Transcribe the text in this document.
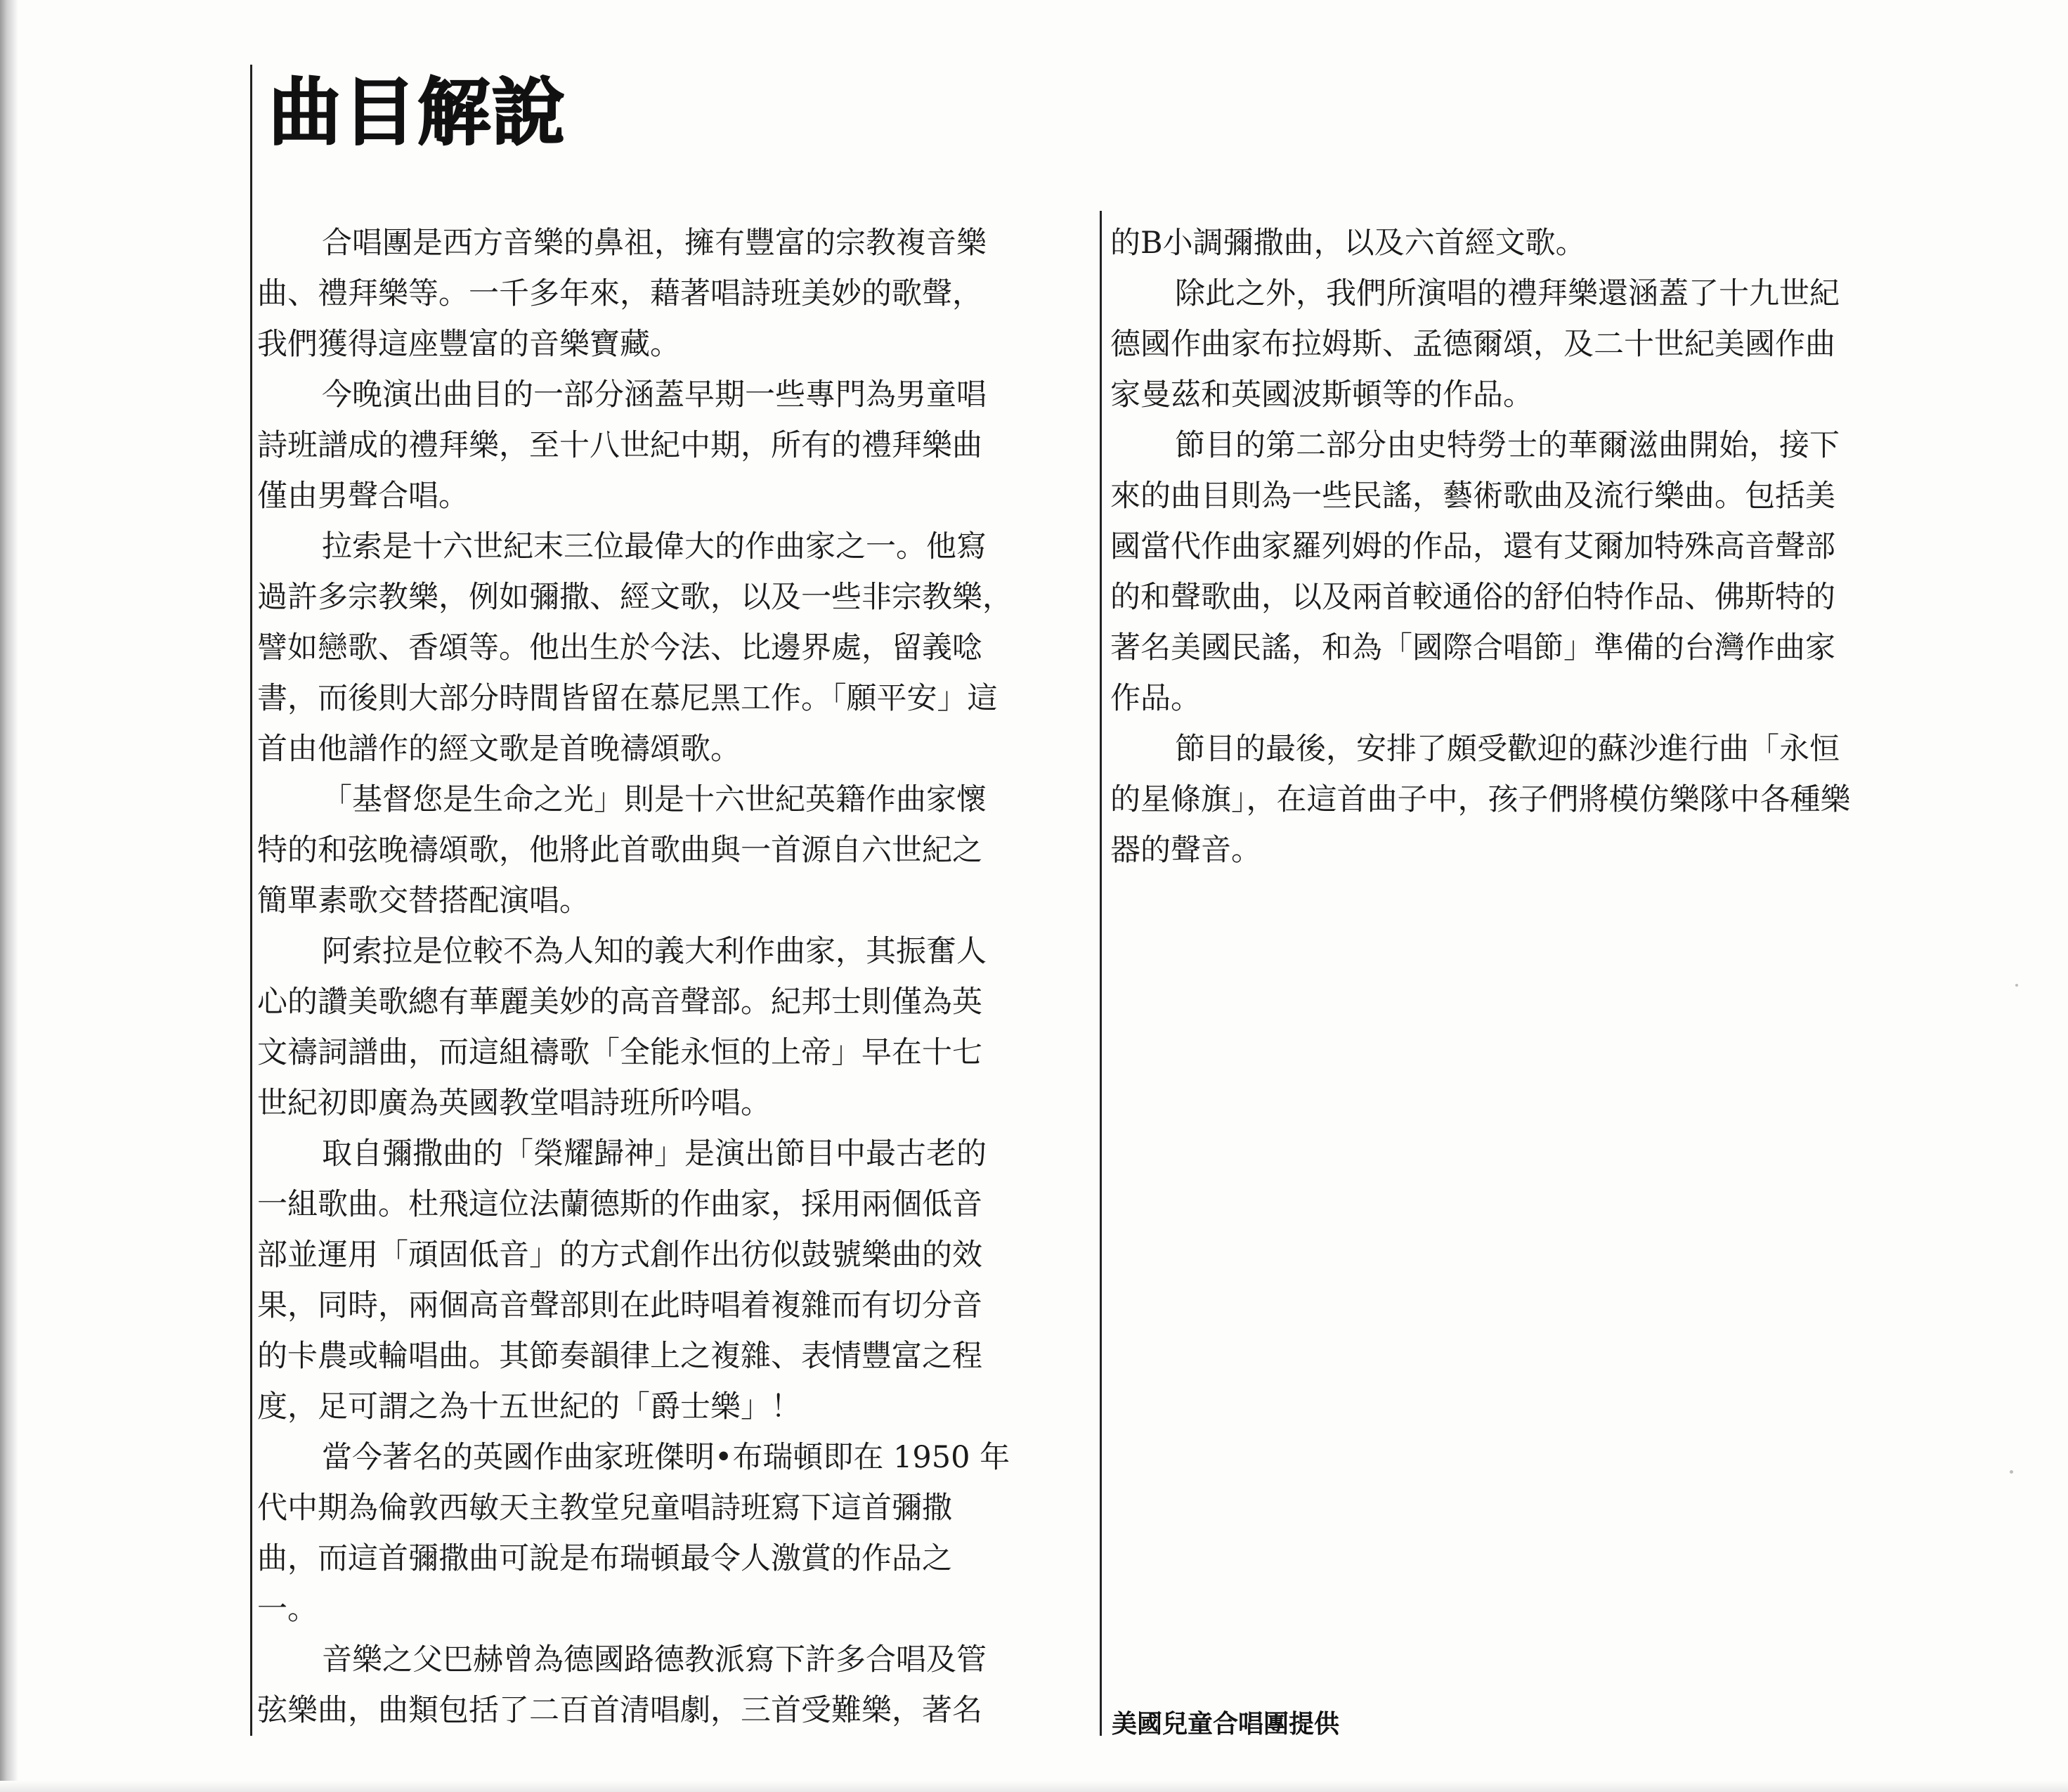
曲目解說
合唱團是西方音樂的鼻祖，擁有豐富的宗教複音樂
曲、禮拜樂等。一千多年來，藉著唱詩班美妙的歌聲，
我們獲得這座豐富的音樂寶藏。
今晚演出曲目的一部分涵蓋早期一些專門為男童唱
詩班譜成的禮拜樂，至十八世紀中期，所有的禮拜樂曲
僅由男聲合唱。
拉索是十六世紀末三位最偉大的作曲家之一。他寫
過許多宗教樂，例如彌撒、經文歌，以及一些非宗教樂，
譬如戀歌、香頌等。他出生於今法、比邊界處，留義唸
書，而後則大部分時間皆留在慕尼黑工作。「願平安」這
首由他譜作的經文歌是首晚禱頌歌。
「基督您是生命之光」則是十六世紀英籍作曲家懷
特的和弦晚禱頌歌，他將此首歌曲與一首源自六世紀之
簡單素歌交替搭配演唱。
阿索拉是位較不為人知的義大利作曲家，其振奮人
心的讚美歌總有華麗美妙的高音聲部。紀邦士則僅為英
文禱詞譜曲，而這組禱歌「全能永恒的上帝」早在十七
世紀初即廣為英國教堂唱詩班所吟唱。
取自彌撒曲的「榮耀歸神」是演出節目中最古老的
一組歌曲。杜飛這位法蘭德斯的作曲家，採用兩個低音
部並運用「頑固低音」的方式創作出彷似鼓號樂曲的效
果，同時，兩個高音聲部則在此時唱着複雜而有切分音
的卡農或輪唱曲。其節奏韻律上之複雜、表情豐富之程
度，足可謂之為十五世紀的「爵士樂」！
當今著名的英國作曲家班傑明•布瑞頓即在 1950 年
代中期為倫敦西敏天主教堂兒童唱詩班寫下這首彌撒
曲，而這首彌撒曲可說是布瑞頓最令人激賞的作品之
一。
音樂之父巴赫曾為德國路德教派寫下許多合唱及管
弦樂曲，曲類包括了二百首清唱劇，三首受難樂，著名
的B小調彌撒曲，以及六首經文歌。
除此之外，我們所演唱的禮拜樂還涵蓋了十九世紀
德國作曲家布拉姆斯、孟德爾頌，及二十世紀美國作曲
家曼茲和英國波斯頓等的作品。
節目的第二部分由史特勞士的華爾滋曲開始，接下
來的曲目則為一些民謠，藝術歌曲及流行樂曲。包括美
國當代作曲家羅列姆的作品，還有艾爾加特殊高音聲部
的和聲歌曲，以及兩首較通俗的舒伯特作品、佛斯特的
著名美國民謠，和為「國際合唱節」準備的台灣作曲家
作品。
節目的最後，安排了頗受歡迎的蘇沙進行曲「永恒
的星條旗」，在這首曲子中，孩子們將模仿樂隊中各種樂
器的聲音。
美國兒童合唱團提供
